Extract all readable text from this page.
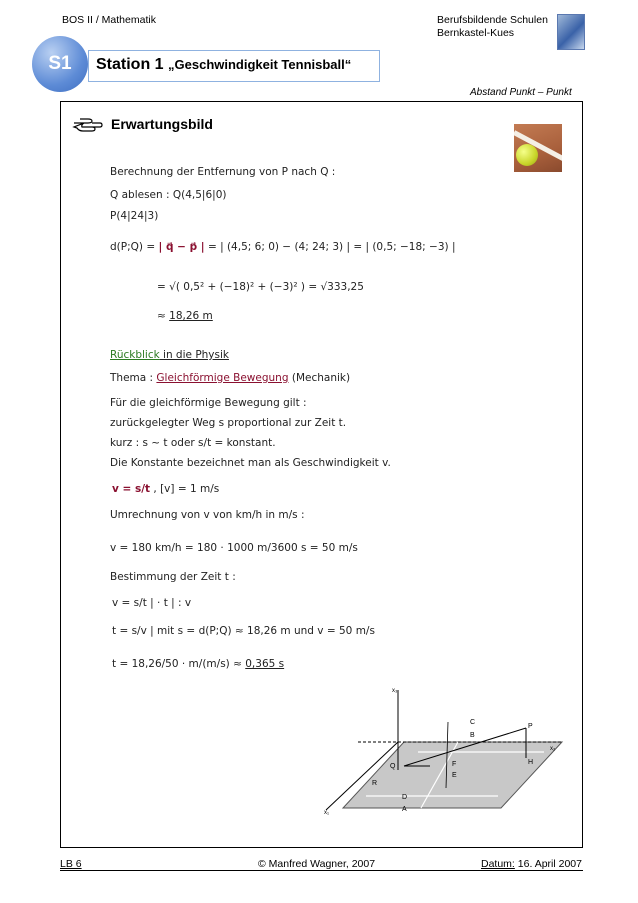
BOS II / Mathematik	Berufsbildende Schulen
Bernkastel-Kues
S1	Station 1 „Geschwindigkeit Tennisball“
Abstand Punkt – Punkt
Erwartungsbild
Berechnung der Entfernung von P nach Q :
Q ablesen : Q(4,5|6|0)
P(4|24|3)
d(P;Q) = | q⃗ − p⃗ | = | (4,5; 6; 0) − (4; 24; 3) | = | (0,5; −18; −3) |
= √( 0,5² + (−18)² + (−3)² ) = √333,25
≈ 18,26 m
Rückblick in die Physik
Thema : Gleichförmige Bewegung (Mechanik)
Für die gleichförmige Bewegung gilt :
zurückgelegter Weg s proportional zur Zeit t.
kurz : s ~ t oder s/t = konstant.
Die Konstante bezeichnet man als Geschwindigkeit v.
v = s/t , [v] = 1 m/s
Umrechnung von v von km/h in m/s :
v = 180 km/h = 180 · 1000 m/3600 s = 50 m/s
Bestimmung der Zeit t :
v = s/t | · t | : v
t = s/v | mit s = d(P;Q) ≈ 18,26 m und v = 50 m/s
t = 18,26/50 · m/(m/s) ≈ 0,365 s
x₃
x₂
x₁
P
Q
C
B
F
E
H
D
A
R
LB 6	© Manfred Wagner, 2007	Datum: 16. April 2007
